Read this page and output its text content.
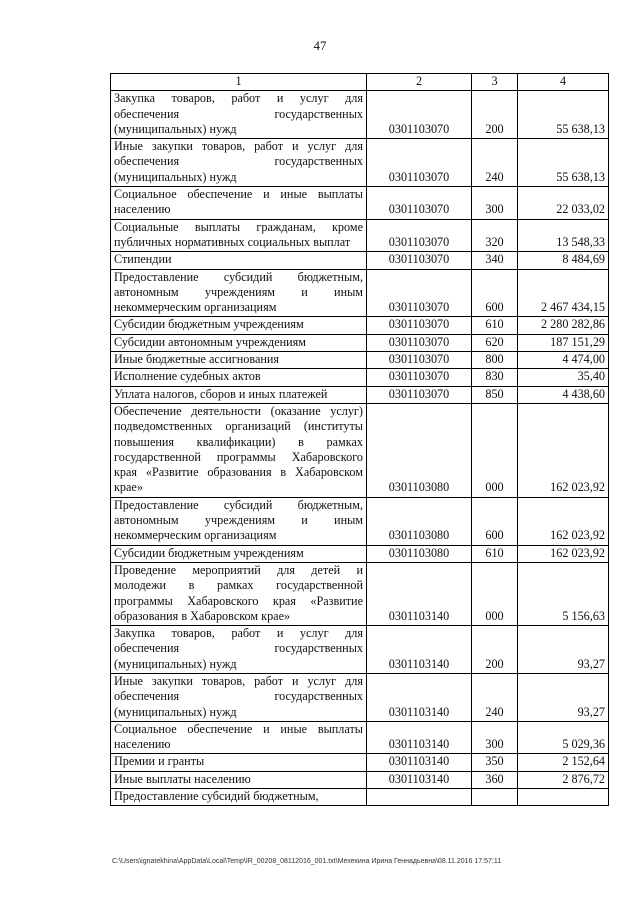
47
1	2	3	4
Закупка товаров, работ и услуг для обеспечения государственных (муниципальных) нужд	0301103070	200	55 638,13
Иные закупки товаров, работ и услуг для обеспечения государственных (муниципальных) нужд	0301103070	240	55 638,13
Социальное обеспечение и иные выплаты населению	0301103070	300	22 033,02
Социальные выплаты гражданам, кроме публичных нормативных социальных выплат	0301103070	320	13 548,33
Стипендии	0301103070	340	8 484,69
Предоставление субсидий бюджетным, автономным учреждениям и иным некоммерческим организациям	0301103070	600	2 467 434,15
Субсидии бюджетным учреждениям	0301103070	610	2 280 282,86
Субсидии автономным учреждениям	0301103070	620	187 151,29
Иные бюджетные ассигнования	0301103070	800	4 474,00
Исполнение судебных актов	0301103070	830	35,40
Уплата налогов, сборов и иных платежей	0301103070	850	4 438,60
Обеспечение деятельности (оказание услуг) подведомственных организаций (институты повышения квалификации) в рамках государственной программы Хабаровского края «Развитие образования в Хабаровском крае»	0301103080	000	162 023,92
Предоставление субсидий бюджетным, автономным учреждениям и иным некоммерческим организациям	0301103080	600	162 023,92
Субсидии бюджетным учреждениям	0301103080	610	162 023,92
Проведение мероприятий для детей и молодежи в рамках государственной программы Хабаровского края «Развитие образования в Хабаровском крае»	0301103140	000	5 156,63
Закупка товаров, работ и услуг для обеспечения государственных (муниципальных) нужд	0301103140	200	93,27
Иные закупки товаров, работ и услуг для обеспечения государственных (муниципальных) нужд	0301103140	240	93,27
Социальное обеспечение и иные выплаты населению	0301103140	300	5 029,36
Премии и гранты	0301103140	350	2 152,64
Иные выплаты населению	0301103140	360	2 876,72
Предоставление субсидий бюджетным,			
C:\Users\ignatekhina\AppData\Local\Temp\IR_00208_08112016_001.txt\Мехехина Ирина Геннадьевна\08.11.2016 17:57:11
